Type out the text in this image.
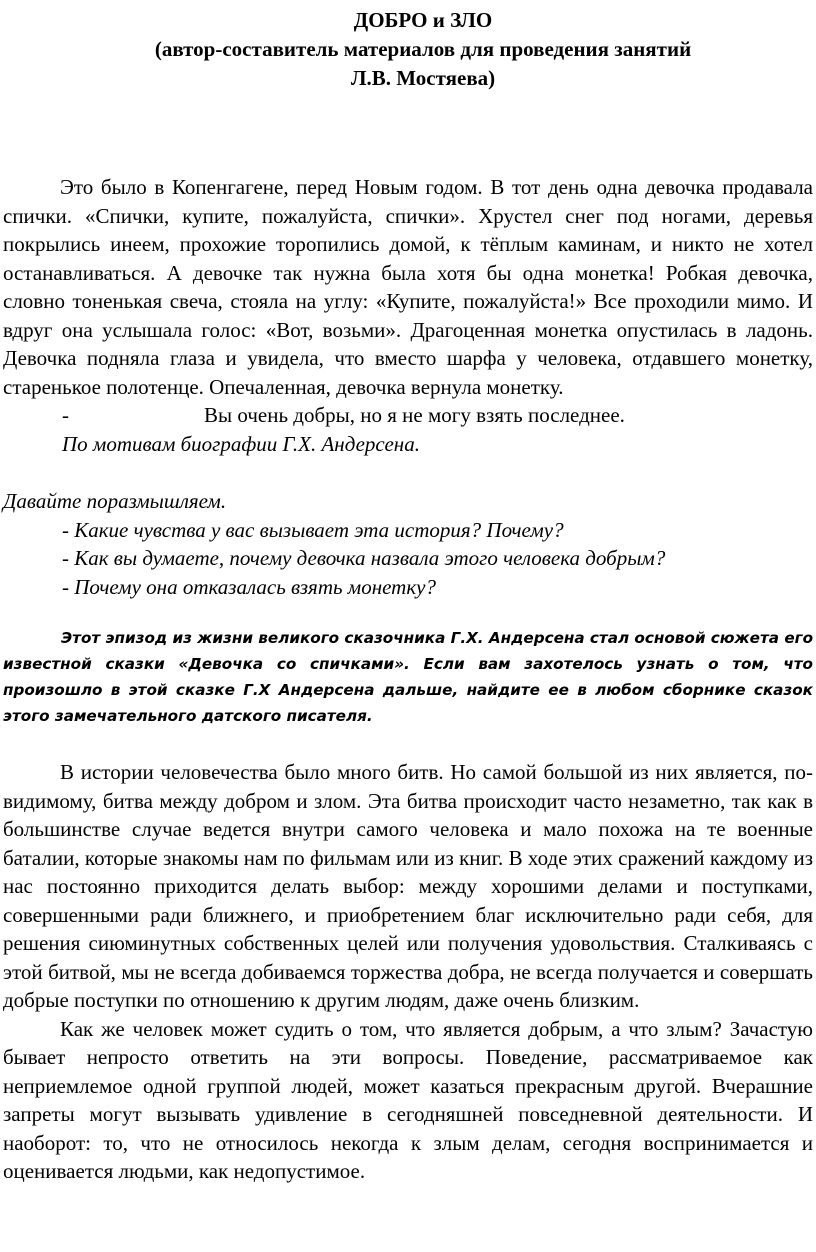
ДОБРО и ЗЛО
(автор-составитель материалов для проведения занятий
Л.В. Мостяева)

Это было в Копенгагене, перед Новым годом. В тот день одна девочка продавала спички. «Спички, купите, пожалуйста, спички». Хрустел снег под ногами, деревья покрылись инеем, прохожие торопились домой, к тёплым каминам, и никто не хотел останавливаться. А девочке так нужна была хотя бы одна монетка! Робкая девочка, словно тоненькая свеча, стояла на углу: «Купите, пожалуйста!» Все проходили мимо. И вдруг она услышала голос: «Вот, возьми». Драгоценная монетка опустилась в ладонь. Девочка подняла глаза и увидела, что вместо шарфа у человека, отдавшего монетку, старенькое полотенце. Опечаленная, девочка вернула монетку.

-	Вы очень добры, но я не могу взять последнее.
По мотивам биографии Г.Х. Андерсена.
Давайте поразмышляем.
- Какие чувства у вас вызывает эта история? Почему?
- Как вы думаете, почему девочка назвала этого человека добрым?
- Почему она отказалась взять монетку?

Этот эпизод из жизни великого сказочника Г.Х. Андерсена стал основой сюжета его известной сказки «Девочка со спичками». Если вам захотелось узнать о том, что произошло в этой сказке Г.Х Андерсена дальше, найдите ее в любом сборнике сказок этого замечательного датского писателя.

В истории человечества было много битв. Но самой большой из них является, по-видимому, битва между добром и злом. Эта битва происходит часто незаметно, так как в большинстве случае ведется внутри самого человека и мало похожа на те военные баталии, которые знакомы нам по фильмам или из книг. В ходе этих сражений каждому из нас постоянно приходится делать выбор: между хорошими делами и поступками, совершенными ради ближнего, и приобретением благ исключительно ради себя, для решения сиюминутных собственных целей или получения удовольствия. Сталкиваясь с этой битвой, мы не всегда добиваемся торжества добра, не всегда получается и совершать добрые поступки по отношению к другим людям, даже очень близким.

Как же человек может судить о том, что является добрым, а что злым? Зачастую бывает непросто ответить на эти вопросы. Поведение, рассматриваемое как неприемлемое одной группой людей, может казаться прекрасным другой. Вчерашние запреты могут вызывать удивление в сегодняшней повседневной деятельности. И наоборот: то, что не относилось некогда к злым делам, сегодня воспринимается и оценивается людьми, как недопустимое.
